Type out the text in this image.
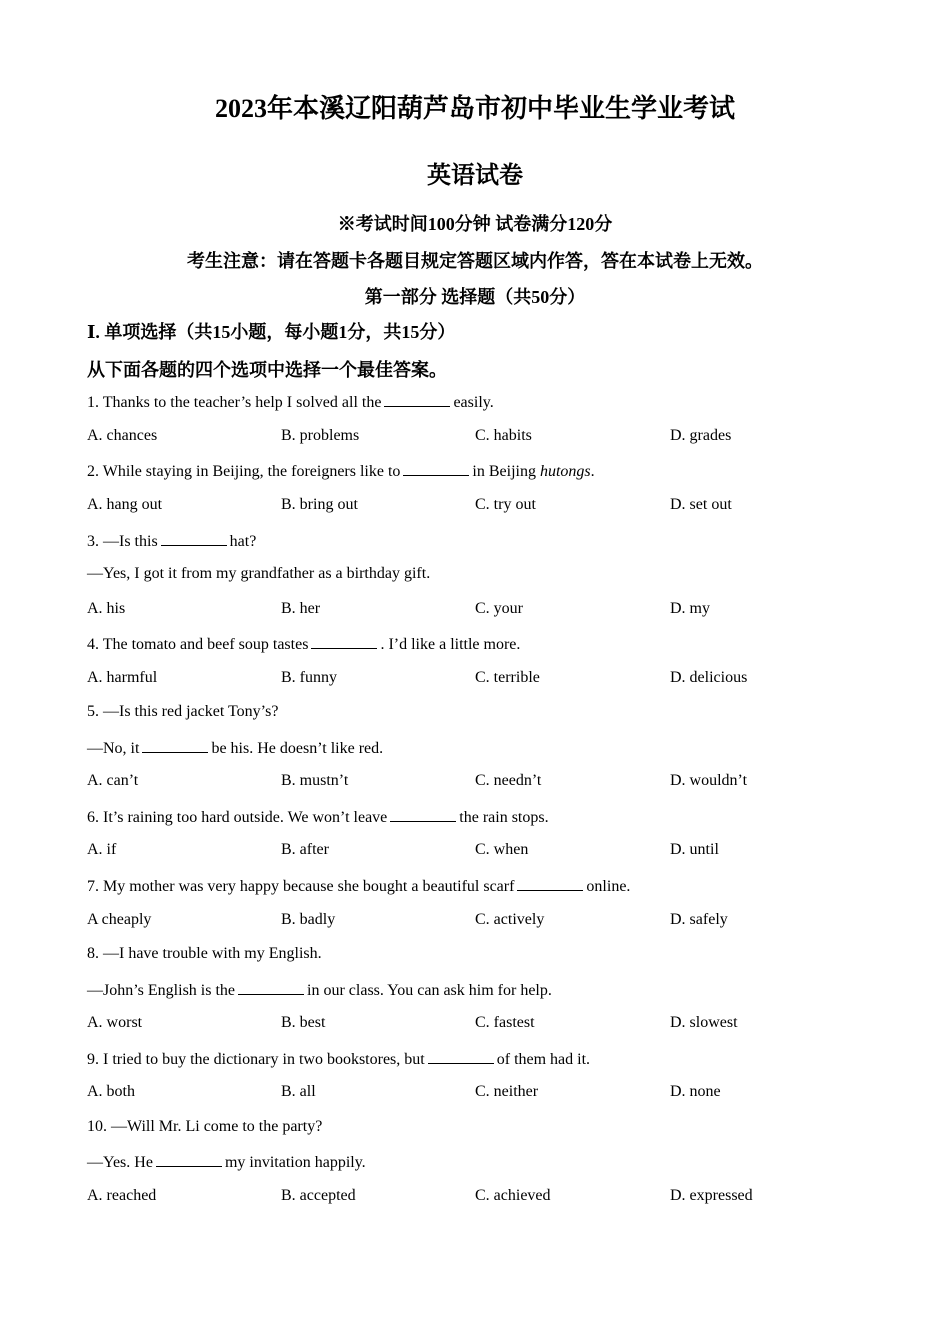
2023年本溪辽阳葫芦岛市初中毕业生学业考试
英语试卷
※考试时间100分钟 试卷满分120分
考生注意：请在答题卡各题目规定答题区域内作答，答在本试卷上无效。
第一部分 选择题（共50分）
Ⅰ. 单项选择（共15小题，每小题1分，共15分）
从下面各题的四个选项中选择一个最佳答案。
1. Thanks to the teacher’s help I solved all the	easily.
A. chances	B. problems	C. habits	D. grades
2. While staying in Beijing, the foreigners like to	in Beijing hutongs.
A. hang out	B. bring out	C. try out	D. set out
3. —Is this	hat?
—Yes, I got it from my grandfather as a birthday gift.
A. his	B. her	C. your	D. my
4. The tomato and beef soup tastes	. I’d like a little more.
A. harmful	B. funny	C. terrible	D. delicious
5. —Is this red jacket Tony’s?
—No, it	be his. He doesn’t like red.
A. can’t	B. mustn’t	C. needn’t	D. wouldn’t
6. It’s raining too hard outside. We won’t leave	the rain stops.
A. if	B. after	C. when	D. until
7. My mother was very happy because she bought a beautiful scarf	online.
A cheaply	B. badly	C. actively	D. safely
8. —I have trouble with my English.
—John’s English is the	in our class. You can ask him for help.
A. worst	B. best	C. fastest	D. slowest
9. I tried to buy the dictionary in two bookstores, but	of them had it.
A. both	B. all	C. neither	D. none
10. —Will Mr. Li come to the party?
—Yes. He	my invitation happily.
A. reached	B. accepted	C. achieved	D. expressed
